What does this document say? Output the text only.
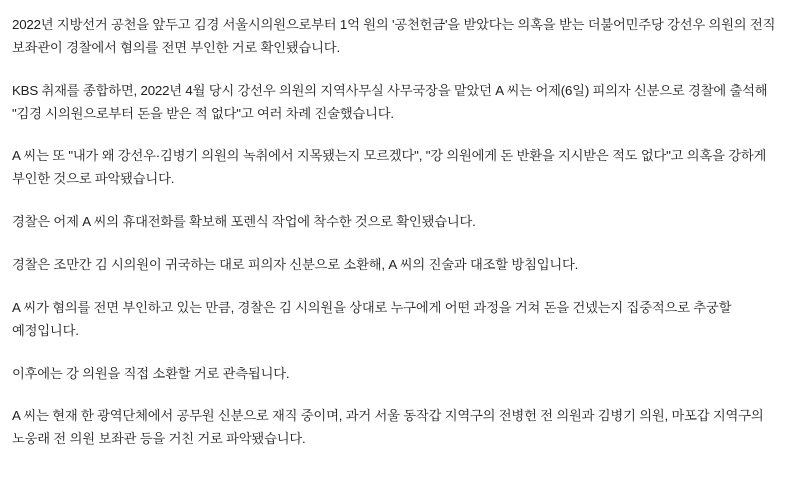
2022년 지방선거 공천을 앞두고 김경 서울시의원으로부터 1억 원의 '공천헌금'을 받았다는 의혹을 받는 더불어민주당 강선우 의원의 전직 보좌관이 경찰에서 혐의를 전면 부인한 거로 확인됐습니다.

KBS 취재를 종합하면, 2022년 4월 당시 강선우 의원의 지역사무실 사무국장을 맡았던 A 씨는 어제(6일) 피의자 신분으로 경찰에 출석해 "김경 시의원으로부터 돈을 받은 적 없다"고 여러 차례 진술했습니다.

A 씨는 또 "내가 왜 강선우·김병기 의원의 녹취에서 지목됐는지 모르겠다", "강 의원에게 돈 반환을 지시받은 적도 없다"고 의혹을 강하게 부인한 것으로 파악됐습니다.

경찰은 어제 A 씨의 휴대전화를 확보해 포렌식 작업에 착수한 것으로 확인됐습니다.

경찰은 조만간 김 시의원이 귀국하는 대로 피의자 신분으로 소환해, A 씨의 진술과 대조할 방침입니다.

A 씨가 혐의를 전면 부인하고 있는 만큼, 경찰은 김 시의원을 상대로 누구에게 어떤 과정을 거쳐 돈을 건넸는지 집중적으로 추궁할 예정입니다.

이후에는 강 의원을 직접 소환할 거로 관측됩니다.

A 씨는 현재 한 광역단체에서 공무원 신분으로 재직 중이며, 과거 서울 동작갑 지역구의 전병헌 전 의원과 김병기 의원, 마포갑 지역구의 노웅래 전 의원 보좌관 등을 거친 거로 파악됐습니다.
